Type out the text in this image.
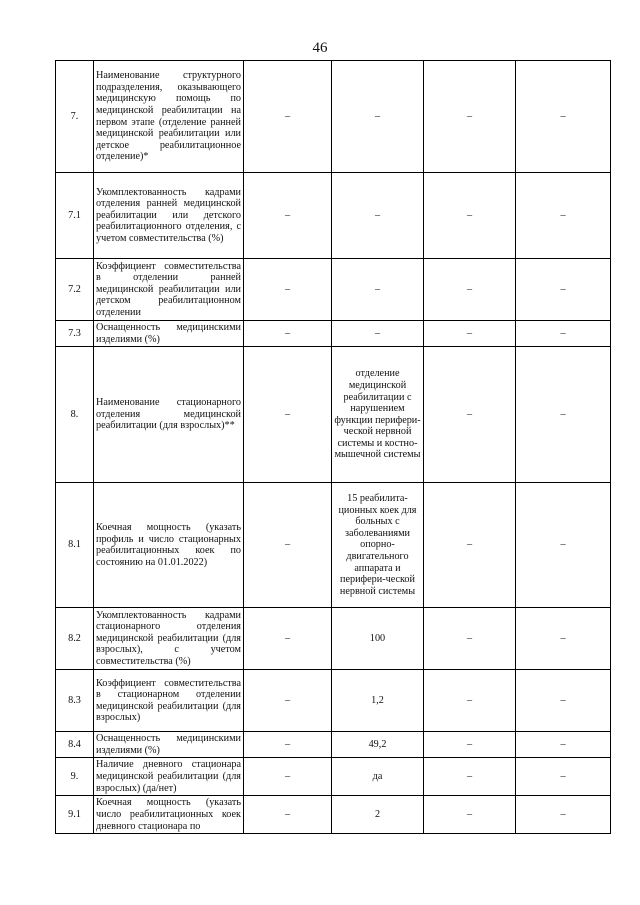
46
7.	Наименование структурного подразделения, оказывающего медицинскую помощь по медицинской реабилитации на первом этапе (отделение ранней медицинской реабилитации или детское реабилитационное отделение)*	–	–	–	–
7.1	Укомплектованность кадрами отделения ранней медицинской реабилитации или детского реабилитационного отделения, с учетом совместительства (%)	–	–	–	–
7.2	Коэффициент совместительства в отделении ранней медицинской реабилитации или детском реабилитационном отделении	–	–	–	–
7.3	Оснащенность медицинскими изделиями (%)	–	–	–	–
8.	Наименование стационарного отделения медицинской реабилитации (для взрослых)**	–	отделение медицинской реабилитации с нарушением функции перифери-ческой нервной системы и костно-мышечной системы	–	–
8.1	Коечная мощность (указать профиль и число стационарных реабилитационных коек по состоянию на 01.01.2022)	–	15 реабилита-ционных коек для больных с заболеваниями опорно-двигательного аппарата и перифери-ческой нервной системы	–	–
8.2	Укомплектованность кадрами стационарного отделения медицинской реабилитации (для взрослых), с учетом совместительства (%)	–	100	–	–
8.3	Коэффициент совместительства в стационарном отделении медицинской реабилитации (для взрослых)	–	1,2	–	–
8.4	Оснащенность медицинскими изделиями (%)	–	49,2	–	–
9.	Наличие дневного стационара медицинской реабилитации (для взрослых) (да/нет)	–	да	–	–
9.1	Коечная мощность (указать число реабилитационных коек дневного стационара по	–	2	–	–
